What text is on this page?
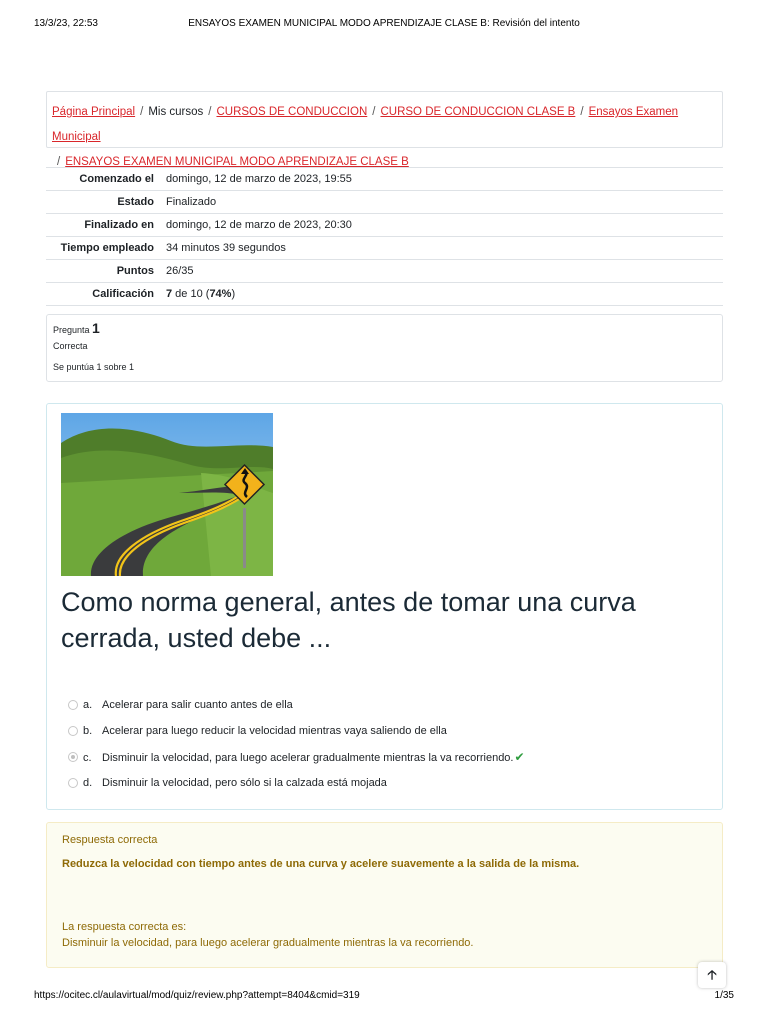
13/3/23, 22:53	ENSAYOS EXAMEN MUNICIPAL MODO APRENDIZAJE CLASE B: Revisión del intento
Página Principal / Mis cursos / CURSOS DE CONDUCCION / CURSO DE CONDUCCION CLASE B / Ensayos Examen Municipal
/ ENSAYOS EXAMEN MUNICIPAL MODO APRENDIZAJE CLASE B
Comenzado el	domingo, 12 de marzo de 2023, 19:55
Estado	Finalizado
Finalizado en	domingo, 12 de marzo de 2023, 20:30
Tiempo empleado	34 minutos 39 segundos
Puntos	26/35
Calificación	7 de 10 (74%)
Pregunta 1
Correcta
Se puntúa 1 sobre 1
Como norma general, antes de tomar una curva cerrada, usted debe ...
a. Acelerar para salir cuanto antes de ella
b. Acelerar para luego reducir la velocidad mientras vaya saliendo de ella
c. Disminuir la velocidad, para luego acelerar gradualmente mientras la va recorriendo.✔
d. Disminuir la velocidad, pero sólo si la calzada está mojada
Respuesta correcta
Reduzca la velocidad con tiempo antes de una curva y acelere suavemente a la salida de la misma.
La respuesta correcta es:
Disminuir la velocidad, para luego acelerar gradualmente mientras la va recorriendo.
🡡
https://ocitec.cl/aulavirtual/mod/quiz/review.php?attempt=8404&cmid=319	1/35
